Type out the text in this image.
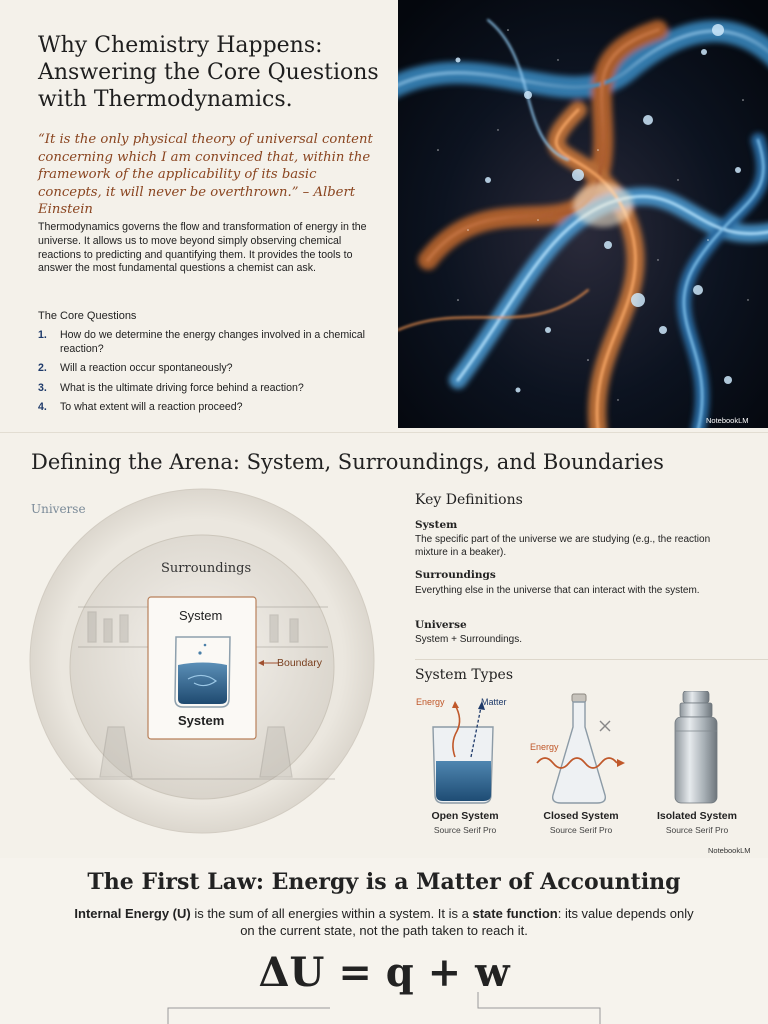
Why Chemistry Happens: Answering the Core Questions with Thermodynamics.
“It is the only physical theory of universal content concerning which I am convinced that, within the framework of the applicability of its basic concepts, it will never be overthrown.” – Albert Einstein
Thermodynamics governs the flow and transformation of energy in the universe. It allows us to move beyond simply observing chemical reactions to predicting and quantifying them. It provides the tools to answer the most fundamental questions a chemist can ask.
The Core Questions
1. How do we determine the energy changes involved in a chemical reaction?
2. Will a reaction occur spontaneously?
3. What is the ultimate driving force behind a reaction?
4. To what extent will a reaction proceed?
NotebookLM
Defining the Arena: System, Surroundings, and Boundaries
Universe
Surroundings
System
System
Boundary
Key Definitions
System
The specific part of the universe we are studying (e.g., the reaction mixture in a beaker).
Surroundings
Everything else in the universe that can interact with the system.
Universe
System + Surroundings.
System Types
Energy	Matter
Energy
Open System
Source Serif Pro
Closed System
Source Serif Pro
Isolated System
Source Serif Pro
NotebookLM
The First Law: Energy is a Matter of Accounting
Internal Energy (U) is the sum of all energies within a system. It is a state function: its value depends only on the current state, not the path taken to reach it.
ΔU = q + w
